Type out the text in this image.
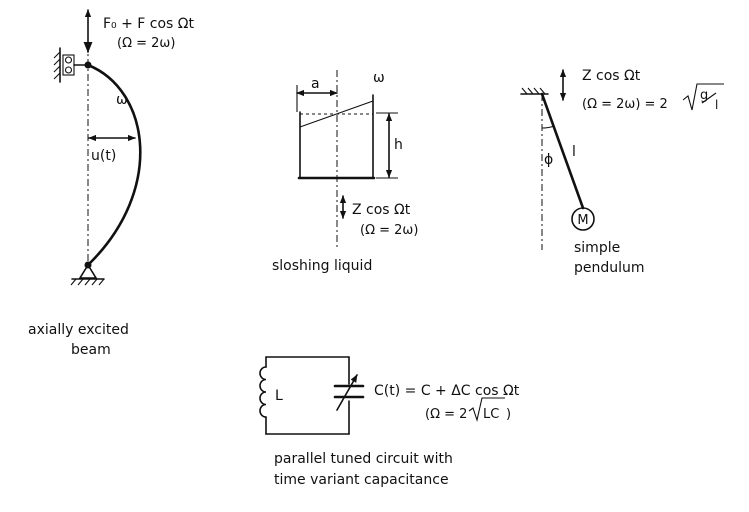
F₀ + F cos Ωt
(Ω = 2ω)
ω
u(t)
axially excited
beam
a	ω
h
Z cos Ωt
(Ω = 2ω)
sloshing liquid
Z cos Ωt
(Ω = 2ω) = 2
g
l
ϕ l
M
simple
pendulum
L	C(t) = C + ΔC cos Ωt
(Ω = 2 LC )
parallel tuned circuit with
time variant capacitance
